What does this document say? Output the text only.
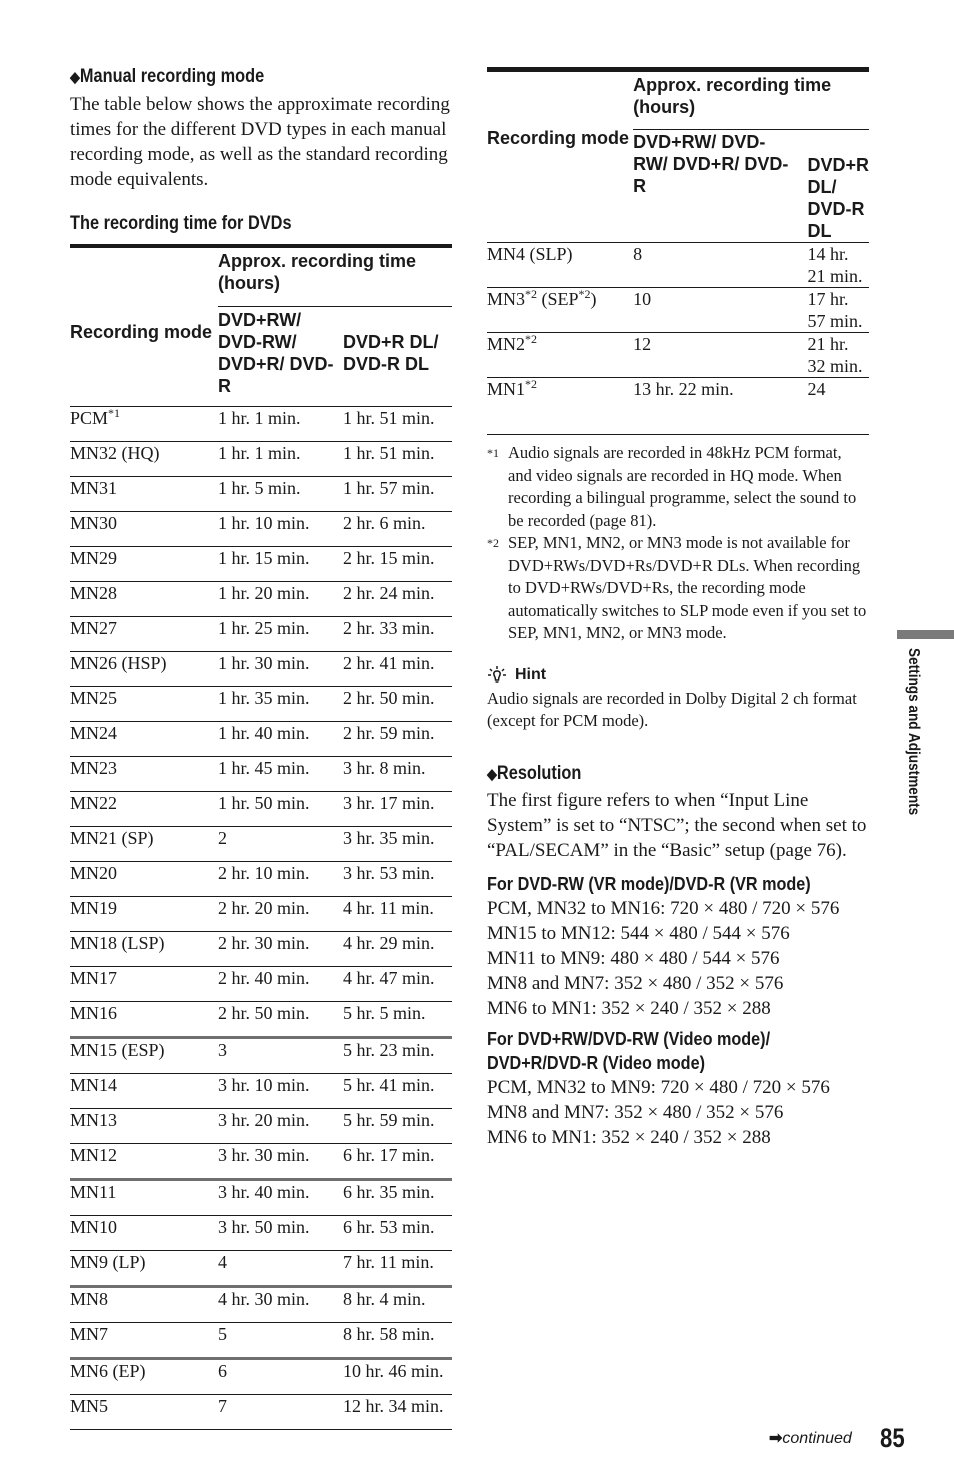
◆Manual recording mode

The table below shows the approximate recording times for the different DVD types in each manual recording mode, as well as the standard recording mode equivalents.

The recording time for DVDs
Recording mode	Approx. recording time (hours)	
	DVD+RW/ DVD-RW/ DVD+R/ DVD-R	DVD+R DL/ DVD-R DL
PCM$^{*1}$	1 hr. 1 min.	1 hr. 51 min.
MN32 (HQ)	1 hr. 1 min.	1 hr. 51 min.
MN31	1 hr. 5 min.	1 hr. 57 min.
MN30	1 hr. 10 min.	2 hr. 6 min.
MN29	1 hr. 15 min.	2 hr. 15 min.
MN28	1 hr. 20 min.	2 hr. 24 min.
MN27	1 hr. 25 min.	2 hr. 33 min.
MN26 (HSP)	1 hr. 30 min.	2 hr. 41 min.
MN25	1 hr. 35 min.	2 hr. 50 min.
MN24	1 hr. 40 min.	2 hr. 59 min.
MN23	1 hr. 45 min.	3 hr. 8 min.
MN22	1 hr. 50 min.	3 hr. 17 min.
MN21 (SP)	2	3 hr. 35 min.
MN20	2 hr. 10 min.	3 hr. 53 min.
MN19	2 hr. 20 min.	4 hr. 11 min.
MN18 (LSP)	2 hr. 30 min.	4 hr. 29 min.
MN17	2 hr. 40 min.	4 hr. 47 min.
MN16	2 hr. 50 min.	5 hr. 5 min.
MN15 (ESP)	3	5 hr. 23 min.
MN14	3 hr. 10 min.	5 hr. 41 min.
MN13	3 hr. 20 min.	5 hr. 59 min.
MN12	3 hr. 30 min.	6 hr. 17 min.
MN11	3 hr. 40 min.	6 hr. 35 min.
MN10	3 hr. 50 min.	6 hr. 53 min.
MN9 (LP)	4	7 hr. 11 min.
MN8	4 hr. 30 min.	8 hr. 4 min.
MN7	5	8 hr. 58 min.
MN6 (EP)	6	10 hr. 46 min.
MN5	7	12 hr. 34 min.
Recording mode	Approx. recording time (hours)	
	DVD+RW/ DVD-RW/ DVD+R/ DVD-R	DVD+R DL/ DVD-R DL
MN4 (SLP)	8	14 hr. 21 min.
MN3$^{*2}$ (SEP$^{*2}$)	10	17 hr. 57 min.
MN2$^{*2}$	12	21 hr. 32 min.
MN1$^{*2}$	13 hr. 22 min.	24
*1 Audio signals are recorded in 48kHz PCM format, and video signals are recorded in HQ mode. When recording a bilingual programme, select the sound to be recorded (page 81).
*2 SEP, MN1, MN2, or MN3 mode is not available for DVD+RWs/DVD+Rs/DVD+R DLs. When recording to DVD+RWs/DVD+Rs, the recording mode automatically switches to SLP mode even if you set to SEP, MN1, MN2, or MN3 mode.
Hint
Audio signals are recorded in Dolby Digital 2 ch format (except for PCM mode).
◆Resolution

The first figure refers to when “Input Line System” is set to “NTSC”; the second when set to “PAL/SECAM” in the “Basic” setup (page 76).

For DVD-RW (VR mode)/DVD-R (VR mode)
PCM, MN32 to MN16: 720 × 480 / 720 × 576
MN15 to MN12: 544 × 480 / 544 × 576
MN11 to MN9: 480 × 480 / 544 × 576
MN8 and MN7: 352 × 480 / 352 × 576
MN6 to MN1: 352 × 240 / 352 × 288
For DVD+RW/DVD-RW (Video mode)/
DVD+R/DVD-R (Video mode)
PCM, MN32 to MN9: 720 × 480 / 720 × 576
MN8 and MN7: 352 × 480 / 352 × 576
MN6 to MN1: 352 × 240 / 352 × 288
Settings and Adjustments
➡continued 85
